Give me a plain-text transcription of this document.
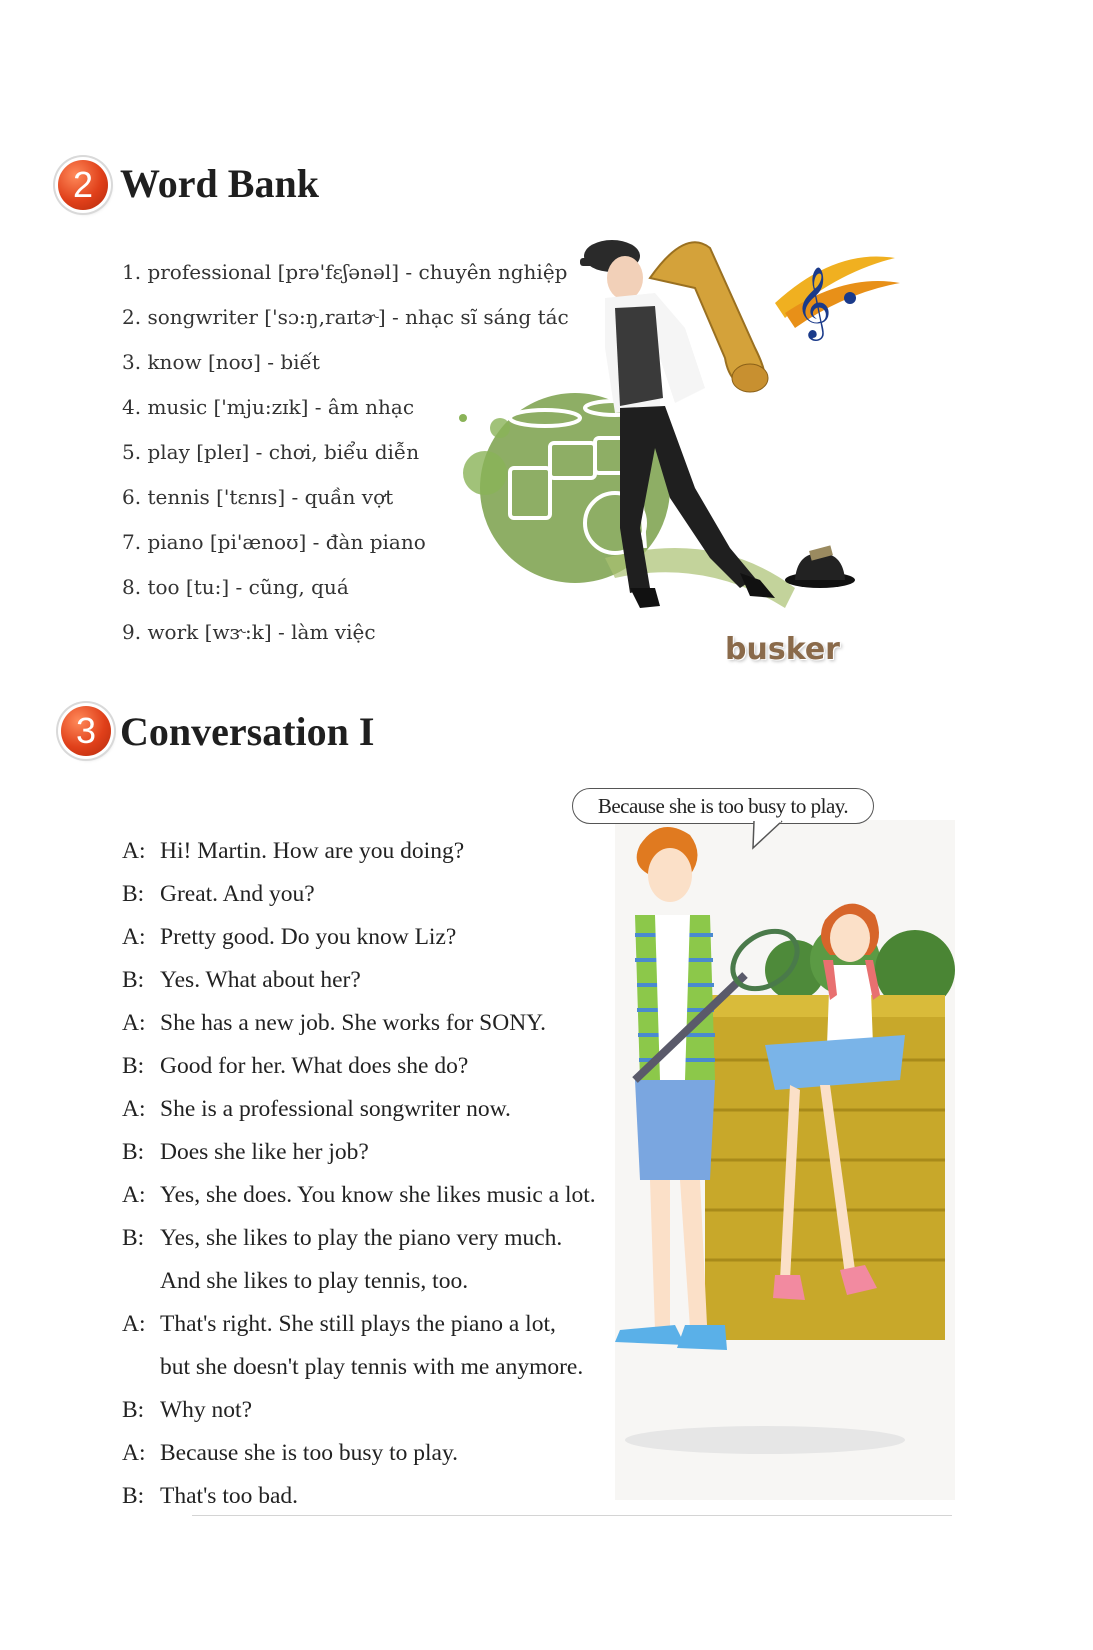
2 Word Bank
1. professional [prə'fɛʃənəl] - chuyên nghiệp
2. songwriter ['sɔ:ŋ,raɪtɚ] - nhạc sĩ sáng tác
3. know [noʊ] - biết
4. music ['mju:zɪk] - âm nhạc
5. play [pleɪ] - chơi, biểu diễn
6. tennis ['tɛnɪs] - quần vợt
7. piano [pi'ænoʊ] - đàn piano
8. too [tu:] - cũng, quá
9. work [wɝ:k] - làm việc
𝄞
busker
3 Conversation I
Because she is too busy to play.
A: Hi! Martin. How are you doing?
B: Great. And you?
A: Pretty good. Do you know Liz?
B: Yes. What about her?
A: She has a new job. She works for SONY.
B: Good for her. What does she do?
A: She is a professional songwriter now.
B: Does she like her job?
A: Yes, she does. You know she likes music a lot.
B: Yes, she likes to play the piano very much.
And she likes to play tennis, too.
A: That's right. She still plays the piano a lot,
but she doesn't play tennis with me anymore.
B: Why not?
A: Because she is too busy to play.
B: That's too bad.
